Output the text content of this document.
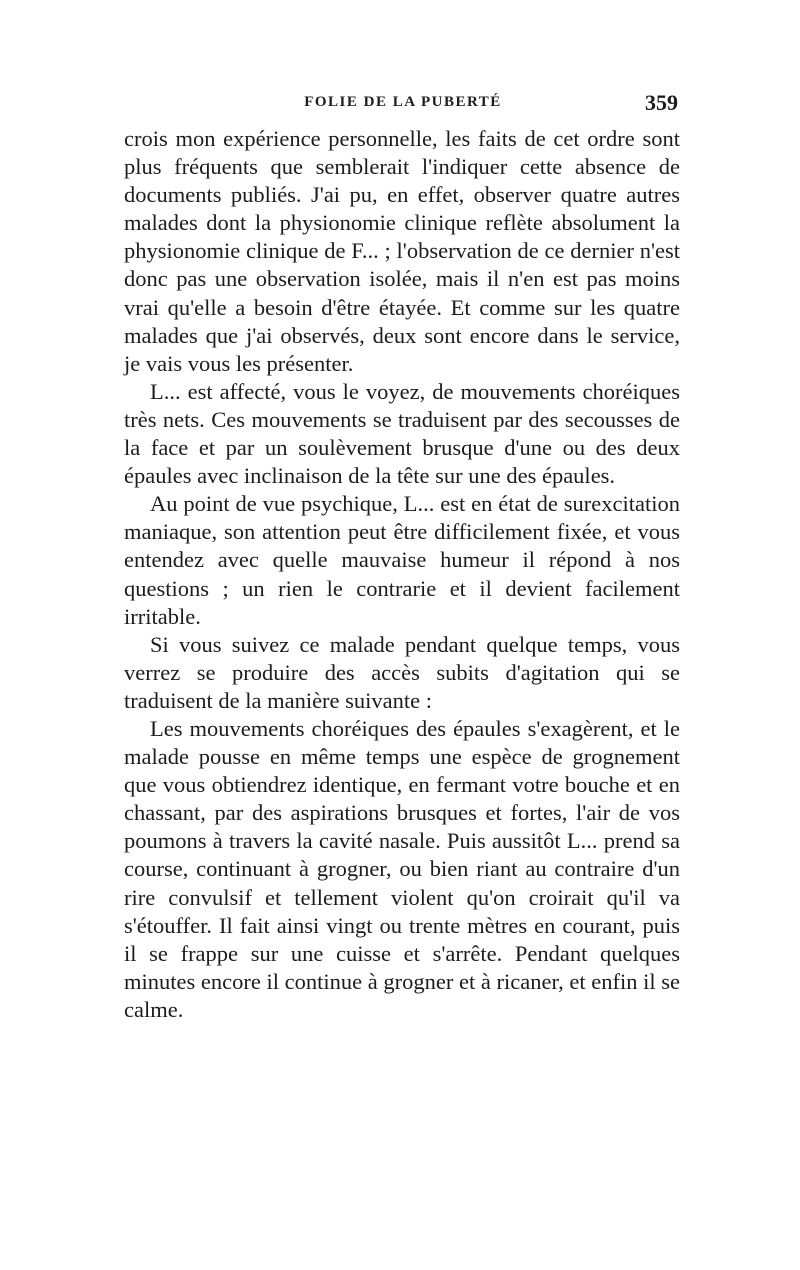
FOLIE DE LA PUBERTÉ	359

crois mon expérience personnelle, les faits de cet ordre sont plus fréquents que semblerait l'indiquer cette absence de documents publiés. J'ai pu, en effet, observer quatre autres malades dont la physionomie clinique reflète absolument la physionomie clinique de F... ; l'observation de ce dernier n'est donc pas une observation isolée, mais il n'en est pas moins vrai qu'elle a besoin d'être étayée. Et comme sur les quatre malades que j'ai observés, deux sont encore dans le service, je vais vous les présenter.

L... est affecté, vous le voyez, de mouvements choréiques très nets. Ces mouvements se traduisent par des secousses de la face et par un soulèvement brusque d'une ou des deux épaules avec inclinaison de la tête sur une des épaules.

Au point de vue psychique, L... est en état de surexcitation maniaque, son attention peut être difficilement fixée, et vous entendez avec quelle mauvaise humeur il répond à nos questions ; un rien le contrarie et il devient facilement irritable.

Si vous suivez ce malade pendant quelque temps, vous verrez se produire des accès subits d'agitation qui se traduisent de la manière suivante :

Les mouvements choréiques des épaules s'exagèrent, et le malade pousse en même temps une espèce de grognement que vous obtiendrez identique, en fermant votre bouche et en chassant, par des aspirations brusques et fortes, l'air de vos poumons à travers la cavité nasale. Puis aussitôt L... prend sa course, continuant à grogner, ou bien riant au contraire d'un rire convulsif et tellement violent qu'on croirait qu'il va s'étouffer. Il fait ainsi vingt ou trente mètres en courant, puis il se frappe sur une cuisse et s'arrête. Pendant quelques minutes encore il continue à grogner et à ricaner, et enfin il se calme.
